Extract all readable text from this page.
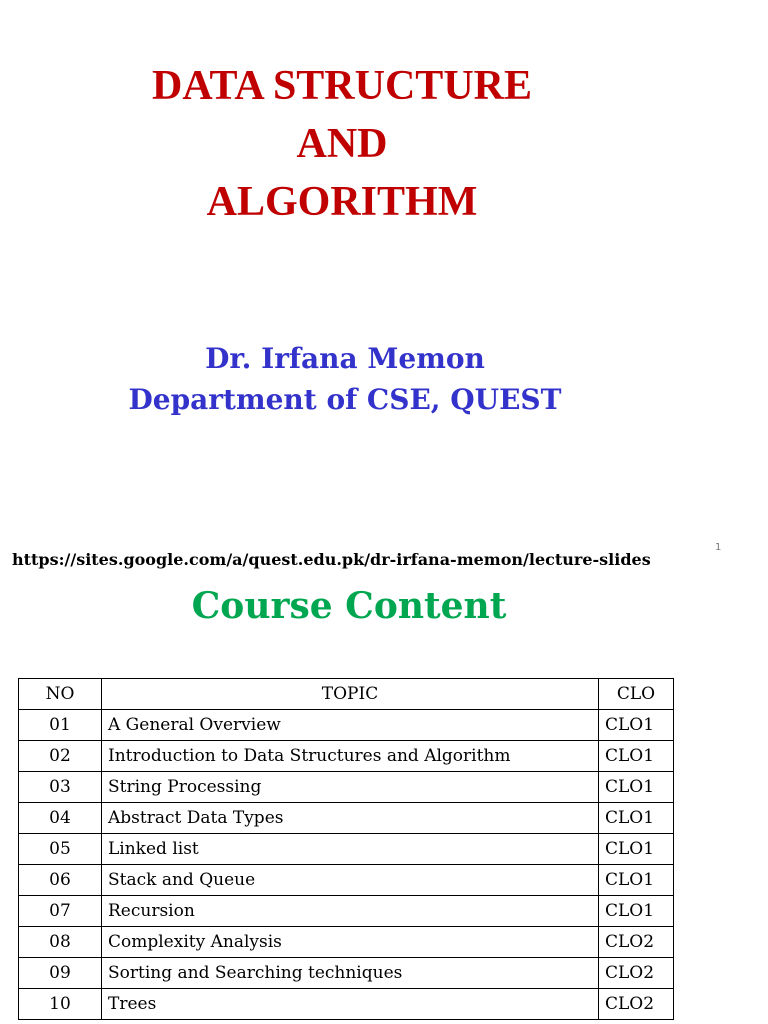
DATA STRUCTURE
AND
ALGORITHM
Dr. Irfana Memon
Department of CSE, QUEST
https://sites.google.com/a/quest.edu.pk/dr-irfana-memon/lecture-slides
1
Course Content
NO	TOPIC	CLO
01	A General Overview	CLO1
02	Introduction to Data Structures and Algorithm	CLO1
03	String Processing	CLO1
04	Abstract Data Types	CLO1
05	Linked list	CLO1
06	Stack and Queue	CLO1
07	Recursion	CLO1
08	Complexity Analysis	CLO2
09	Sorting and Searching techniques	CLO2
10	Trees	CLO2
